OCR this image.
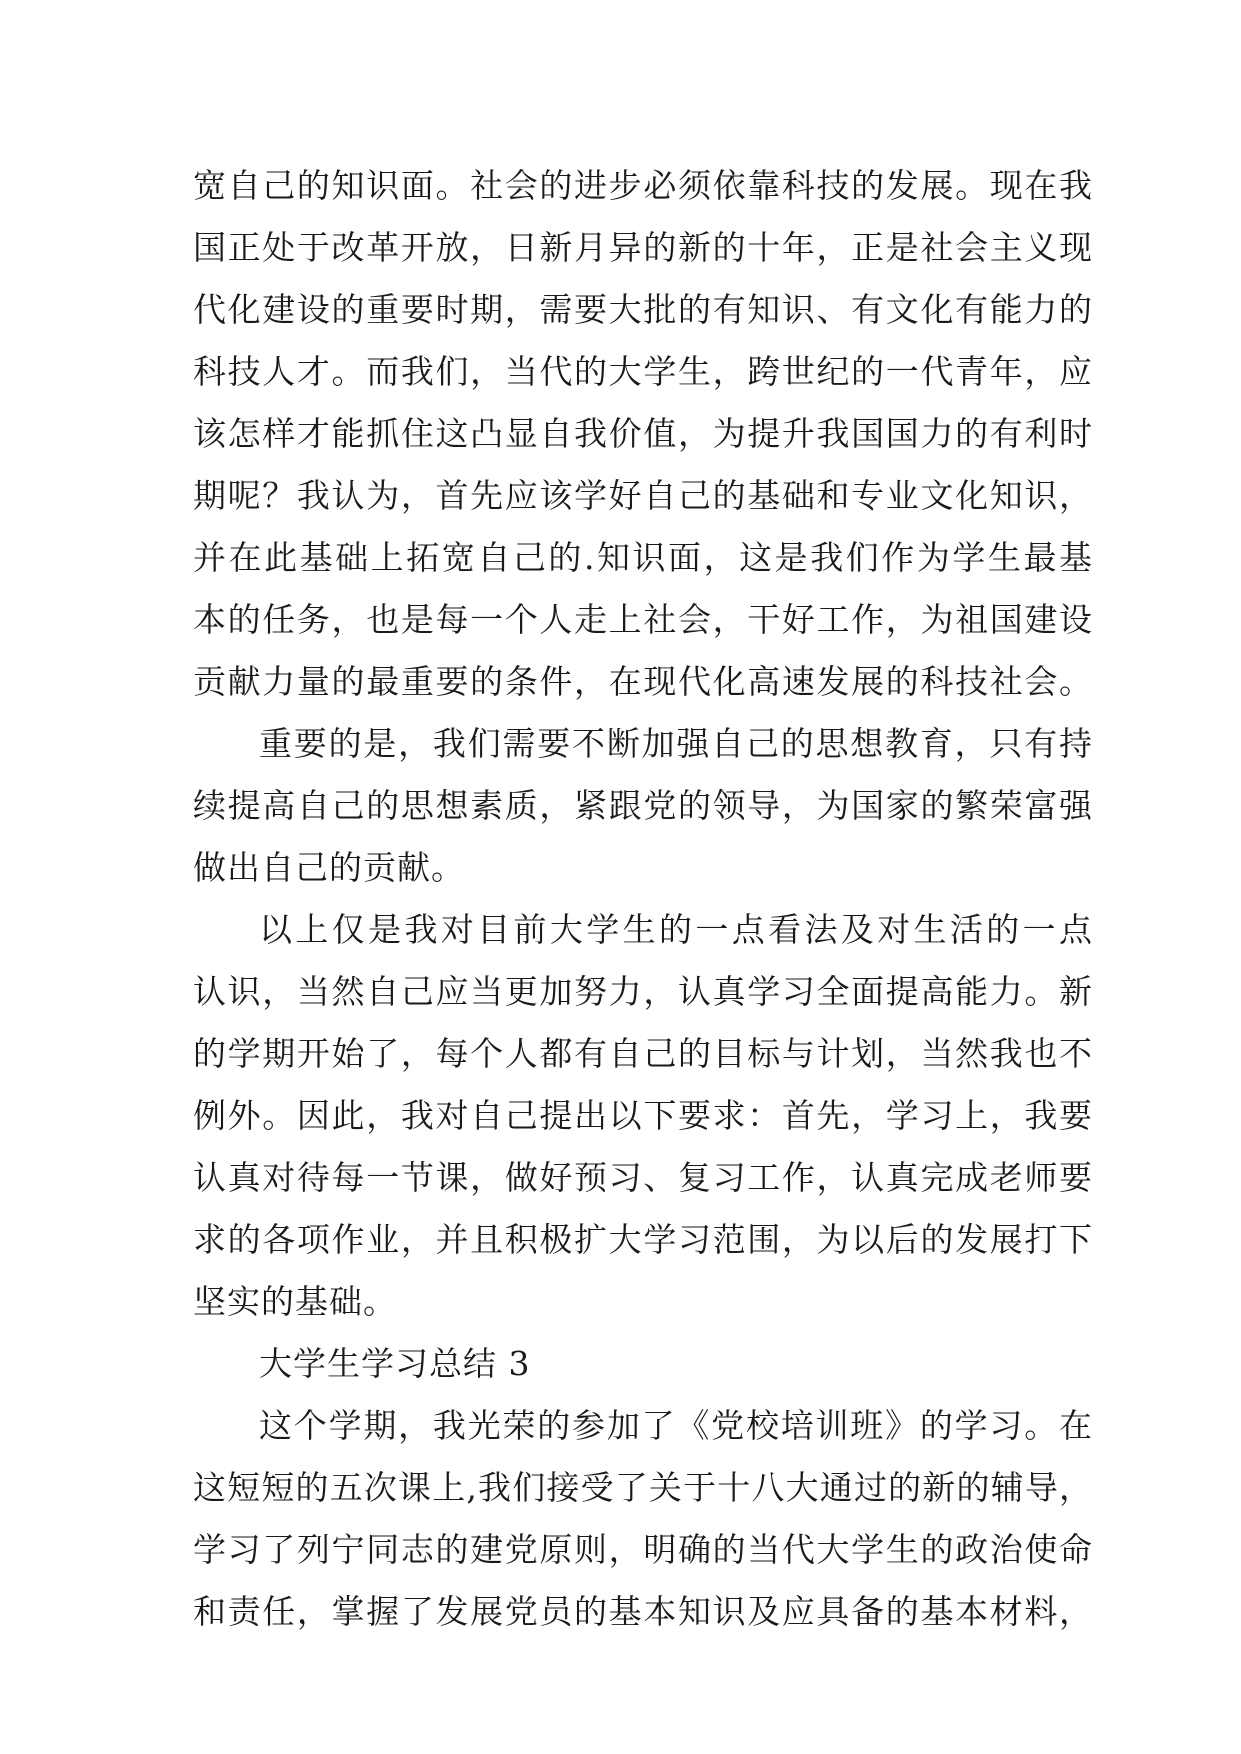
宽自己的知识面。社会的进步必须依靠科技的发展。现在我
国正处于改革开放，日新月异的新的十年，正是社会主义现
代化建设的重要时期，需要大批的有知识、有文化有能力的
科技人才。而我们，当代的大学生，跨世纪的一代青年，应
该怎样才能抓住这凸显自我价值，为提升我国国力的有利时
期呢？我认为，首先应该学好自己的基础和专业文化知识，
并在此基础上拓宽自己的.知识面，这是我们作为学生最基
本的任务，也是每一个人走上社会，干好工作，为祖国建设
贡献力量的最重要的条件，在现代化高速发展的科技社会。
重要的是，我们需要不断加强自己的思想教育，只有持
续提高自己的思想素质，紧跟党的领导，为国家的繁荣富强
做出自己的贡献。
以上仅是我对目前大学生的一点看法及对生活的一点
认识，当然自己应当更加努力，认真学习全面提高能力。新
的学期开始了，每个人都有自己的目标与计划，当然我也不
例外。因此，我对自己提出以下要求：首先，学习上，我要
认真对待每一节课，做好预习、复习工作，认真完成老师要
求的各项作业，并且积极扩大学习范围，为以后的发展打下
坚实的基础。
大学生学习总结 3
这个学期，我光荣的参加了《党校培训班》的学习。在
这短短的五次课上,我们接受了关于十八大通过的新的辅导，
学习了列宁同志的建党原则，明确的当代大学生的政治使命
和责任，掌握了发展党员的基本知识及应具备的基本材料，
